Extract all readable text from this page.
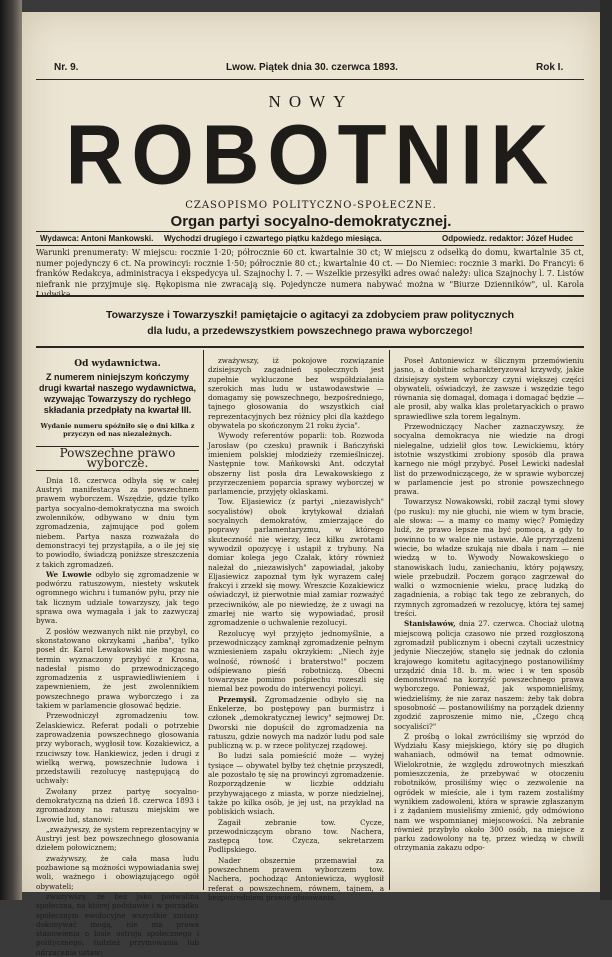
Nr. 9.	Lwow. Piątek dnia 30. czerwca 1893.	Rok I.
NOWY
ROBOTNIK
CZASOPISMO POLITYCZNO-SPOŁECZNE.
Organ partyi socyalno-demokratycznej.
Wydawca: Antoni Mankowski. Wychodzi drugiego i czwartego piątku każdego miesiąca.	Odpowiedz. redaktor: Józef Hudec
Warunki prenumeraty: W miejscu: rocznie 1·20; półrocznie 60 ct. kwartalnie 30 ct; W miejscu z odsełką do domu, kwartalnie 35 ct, numer pojedynczy 6 ct. Na prowincyi: rocznie 1·50; półrocznie 80 ct.; kwartalnie 40 ct. — Do Niemiec: rocznie 3 marki. Do Francyi: 6 franków Redakcya, administracya i ekspedycya ul. Szajnochy l. 7. — Wszelkie przesyłki adres ować należy: ulica Szajnochy l. 7. Listów niefrank nie przyjmuje się. Rękopisma nie zwracają się. Pojedyncze numera nabywać można w "Biurze Dzienników", ul. Karola Ludwika.
Towarzysze i Towarzyszki! pamiętajcie o agitacyi za zdobyciem praw politycznych
dla ludu, a przedewszystkiem powszechnego prawa wyborczego!
Od wydawnictwa.
Z numerem niniejszym kończymy drugi kwartał naszego wydawnictwa, wzywając Towarzyszy do rychłego składania przedpłaty na kwartał III.
Wydanie numeru spóźniło się o dni kilka z przyczyn od nas niezależnych.
Powszechne prawo wyborcze.

Dnia 18. czerwca odbyła się w całej Austryi manifestacya za powszechnem prawem wyborczem. Wszędzie, gdzie tylko partya socyalno-demokratyczna ma swoich zwolenników, odbywano w dniu tym zgromadzenia, zajmujące pod gołem niebem. Partya nasza rozważała do demonstracyi tej przystąpiła, a o ile jej się to powiodło, świadczą poniższe streszczenia z takich zgromadzeń.

We Lwowie odbyło się zgromadzenie w podwórzu ratuszowym, niestety wskutek ogromnego wichru i tumanów pyłu, przy nie tak licznym udziale towarzyszy, jak tego sprawa owa wymagała i jak to zazwyczaj bywa.

Z posłów wezwanych nikt nie przybył, co skonstatowano okrzykami „hańba", tylko poseł dr. Karol Lewakowski nie mogąc na termin wyznaczony przybyć z Krosna, nadesłał pismo do przewodniczącego zgromadzenia z usprawiedliwieniem i zapewnieniem, że jest zwolennikiem powszechnego prawa wyborczego i za takiem w parlamencie głosować będzie.

Przewodniczył zgromadzeniu tow. Zelaskiewicz. Referat podali o potrzebie zaprowadzenia powszechnego głosowania przy wyborach, wygłosił tow. Kozakiewicz, a rzuciwszy tow. Hankiewicz, jeden i drugi z wielką werwą, powszechnie ludowa i przedstawili rezolucyę następującą do uchwały:

Zwołany przez partyę socyalno-demokratyczną na dzień 18. czerwca 1893 i zgromadzony na ratuszu miejskim we Lwowie lud, stanowi:

„zważywszy, że system reprezentacyjny w Austryi jest bez powszechnego głosowania dziełem połowicznem;

zważywszy, że cała masa ludu pozbawione są możności wypowiadania swej woli, ważnego i obowiązującego ogół obywateli;

zważywszy, że bez jako podwalina społeczna, na której podstawie i w porządku społecznym ewolucyjne wszystkie zmiany dokonywać mogą, nie ma prawa stanowienia o losie ustroju społecznego i politycznego, tudzież przymowania lub odrzucania ustaw;

zważywszy, iż pokojowe rozwiązanie dzisiejszych zagadnień społecznych jest zupełnie wykluczone bez współdziałania szerokich mas ludu w ustawodawstwie — domagamy się powszechnego, bezpośredniego, tajnego głosowania do wszystkich ciał reprezentacyjnych bez różnicy płci dla każdego obywatela po skończonym 21 roku życia".

Wywody referentów poparli: tob. Rozwoda Jarosław (po czesku) prawnik i Bańczyński imieniem polskiej młodzieży rzemieślniczej. Następnie tow. Mańkowski Ant. odczytał obszerny list posła dra Lewakowskiego z przyrzeczeniem poparcia sprawy wyborczej w parlamencie, przyjęty oklaskami.

Tow. Eljasiewicz (z partyi „niezawisłych" socyalistów) obok krytykował działań socyalnych demokratów, zmierzające do poprawy parlamentaryzmu, w którego skuteczność nie wierzy, lecz kiłku zwrotami wywodził opozycyę i ustąpił z trybuny. Na domiar kolega jego Czałak, który również należał do „niezawisłych" zapowiadał, jakoby Eljasiewicz zapoznał tym łyk wyrazem całej frakcyi i zrzekł się mowy. Wreszcie Kozakiewicz oświadczył, iż pierwotnie miał zamiar rozważyć przeciwników, ale po niewiedzę, że z uwagi na zmarłej nie warto się wypowiadać, prosił zgromadzenie o uchwalenie rezolucyi.

Rezolucyę wył przyjęto jednomyślnie, a przewodniczący zamknął zgromadzenie pełnym wzniesieniem zapału okrzykiem: „Niech żyje wolność, równość i braterstwo!" poczem odśpiewano pieśń robotniczą. Obecni towarzysze pomimo pośpiechu rozeszli się niemal bez powodu do interwencyi policyi.

Przemyśl. Zgromadzenie odbyło się na Enkelerze, bo postępowy pan burmistrz i członek „demokratycznej lewicy" sejmowej Dr. Dworski nie dopuścił do zgromadzenia na ratuszu, gdzie nowych ma nadzór ludu pod sale publiczną w. p. w rzece polityczej rządowej.

Bo ludzi sala pomieścić może — wyżej tysiące — obywatel byłby też chętnie przyszedł, ale pozostało tę się na prowincyi zgromadzenie. Rozporządzenie w liczbie oddziału przybywającego z miasta, w porze niedzielnej, także po kilka osób, je jej ust, na przykład na pobliskich wsiach.

Zagaił zebranie tow. Cycze, przewodniczącym obrano tow. Nachera, zastępcą tow. Czycza, sekretarzem Podlipskiego.

Nader obszernie przemawiał za powszechnem prawem wyborczem tow. Nachera, pochodząc Antoniewicza, wygłosił referat o powszechnem, równem, tajnem, a bezpośredniem prawie głosowania.

Poseł Antoniewicz w ślicznym przemówieniu jasno, a dobitnie scharakteryzował krzywdy, jakie dzisiejszy system wyborczy czyni większej części obywateli, oświadczył, że zawsze i wszędzie tego równania się domagał, domaga i domagać będzie — ale prosił, aby walka klas proletaryackich o prawo sprawiedliwe szła torem legalnym.

Przewodniczący Nacher zaznaczywszy, że socyalna demokracya nie wiedzie na drogi nielegalne, udzielił głos tow. Lewickiemu, który istotnie wszystkimi zrobiony sposób dla prawa karnego nie mógł przybyć. Poseł Lewicki nadesłał list do przewodniczącego, że w sprawie wyborczej w parlamencie jest po stronie powszechnego prawa.

Towarzysz Nowakowski, robił zaczął tymi słowy (po rusku): my nie głuchi, nie wiem w tym bracie, ale słowa: — a mamy co mamy więc? Pomiędzy ludź, że prawo lepsze ma być pomocą, a gdy to powinno to w walce nie ustawie. Ale przyrządzeni wiecie, bo władze szukają nie dbała i nam — nie wiedzą w to. Wywody Nowakowskiego o stanowiskach ludu, zaniechaniu, który pojąwszy, wiele przebudził. Poczem gorąco zagrzewał do walki o wzmocnienie wieku, pracę ludzką do zagadnienia, a robiąc tak tego ze zebranych, do rzymnych zgromadzeń w rezolucyę, która tej samej treści.

Stanisławów, dnia 27. czerwca. Chociaż ulotną miejscową policja czasowo nie przed rozgłoszoną zgromadził publicznym i obecni czytali uczestnicy jedynie Nieczejów, stanęło się jednak do członia krajowego komitetu agitacyjnego postanowiliśmy urządzić dnia 18. b. m. wiec i w ten sposób demonstrować na korzyść powszechnego prawa wyborczego. Ponieważ, jak wspomnieliśmy, wiedzieliśmy, że nie zaraz naszem: żeby tak dobra sposobność — postanowiliśmy na porządek dzienny zgodzić zaproszenie mimo nie, „Czego chcą socyaliści?"

Z prośbą o lokal zwróciliśmy się wprzód do Wydziału Kasy miejskiego, który się po długich wahaniach, odmówił na temat odmownie. Wielokrotnie, że względu zdrowotnych mieszkań pomieszczenia, że przebywać w otoczeniu robotników, prosiliśmy więc o zezwolenie na ogródek w mieście, ale i tym razem zostaliśmy wynikiem zadowoleni, która w sprawie zgłaszanym i z żądaniem musieliśmy zmienić, gdy odmówiono nam we wspomnianej miejscowości. Na zebranie również przybyło około 300 osób, na miejsce z parku zadowolony na tę, przez wiedzą w chwili otrzymania zakazu odpo-
